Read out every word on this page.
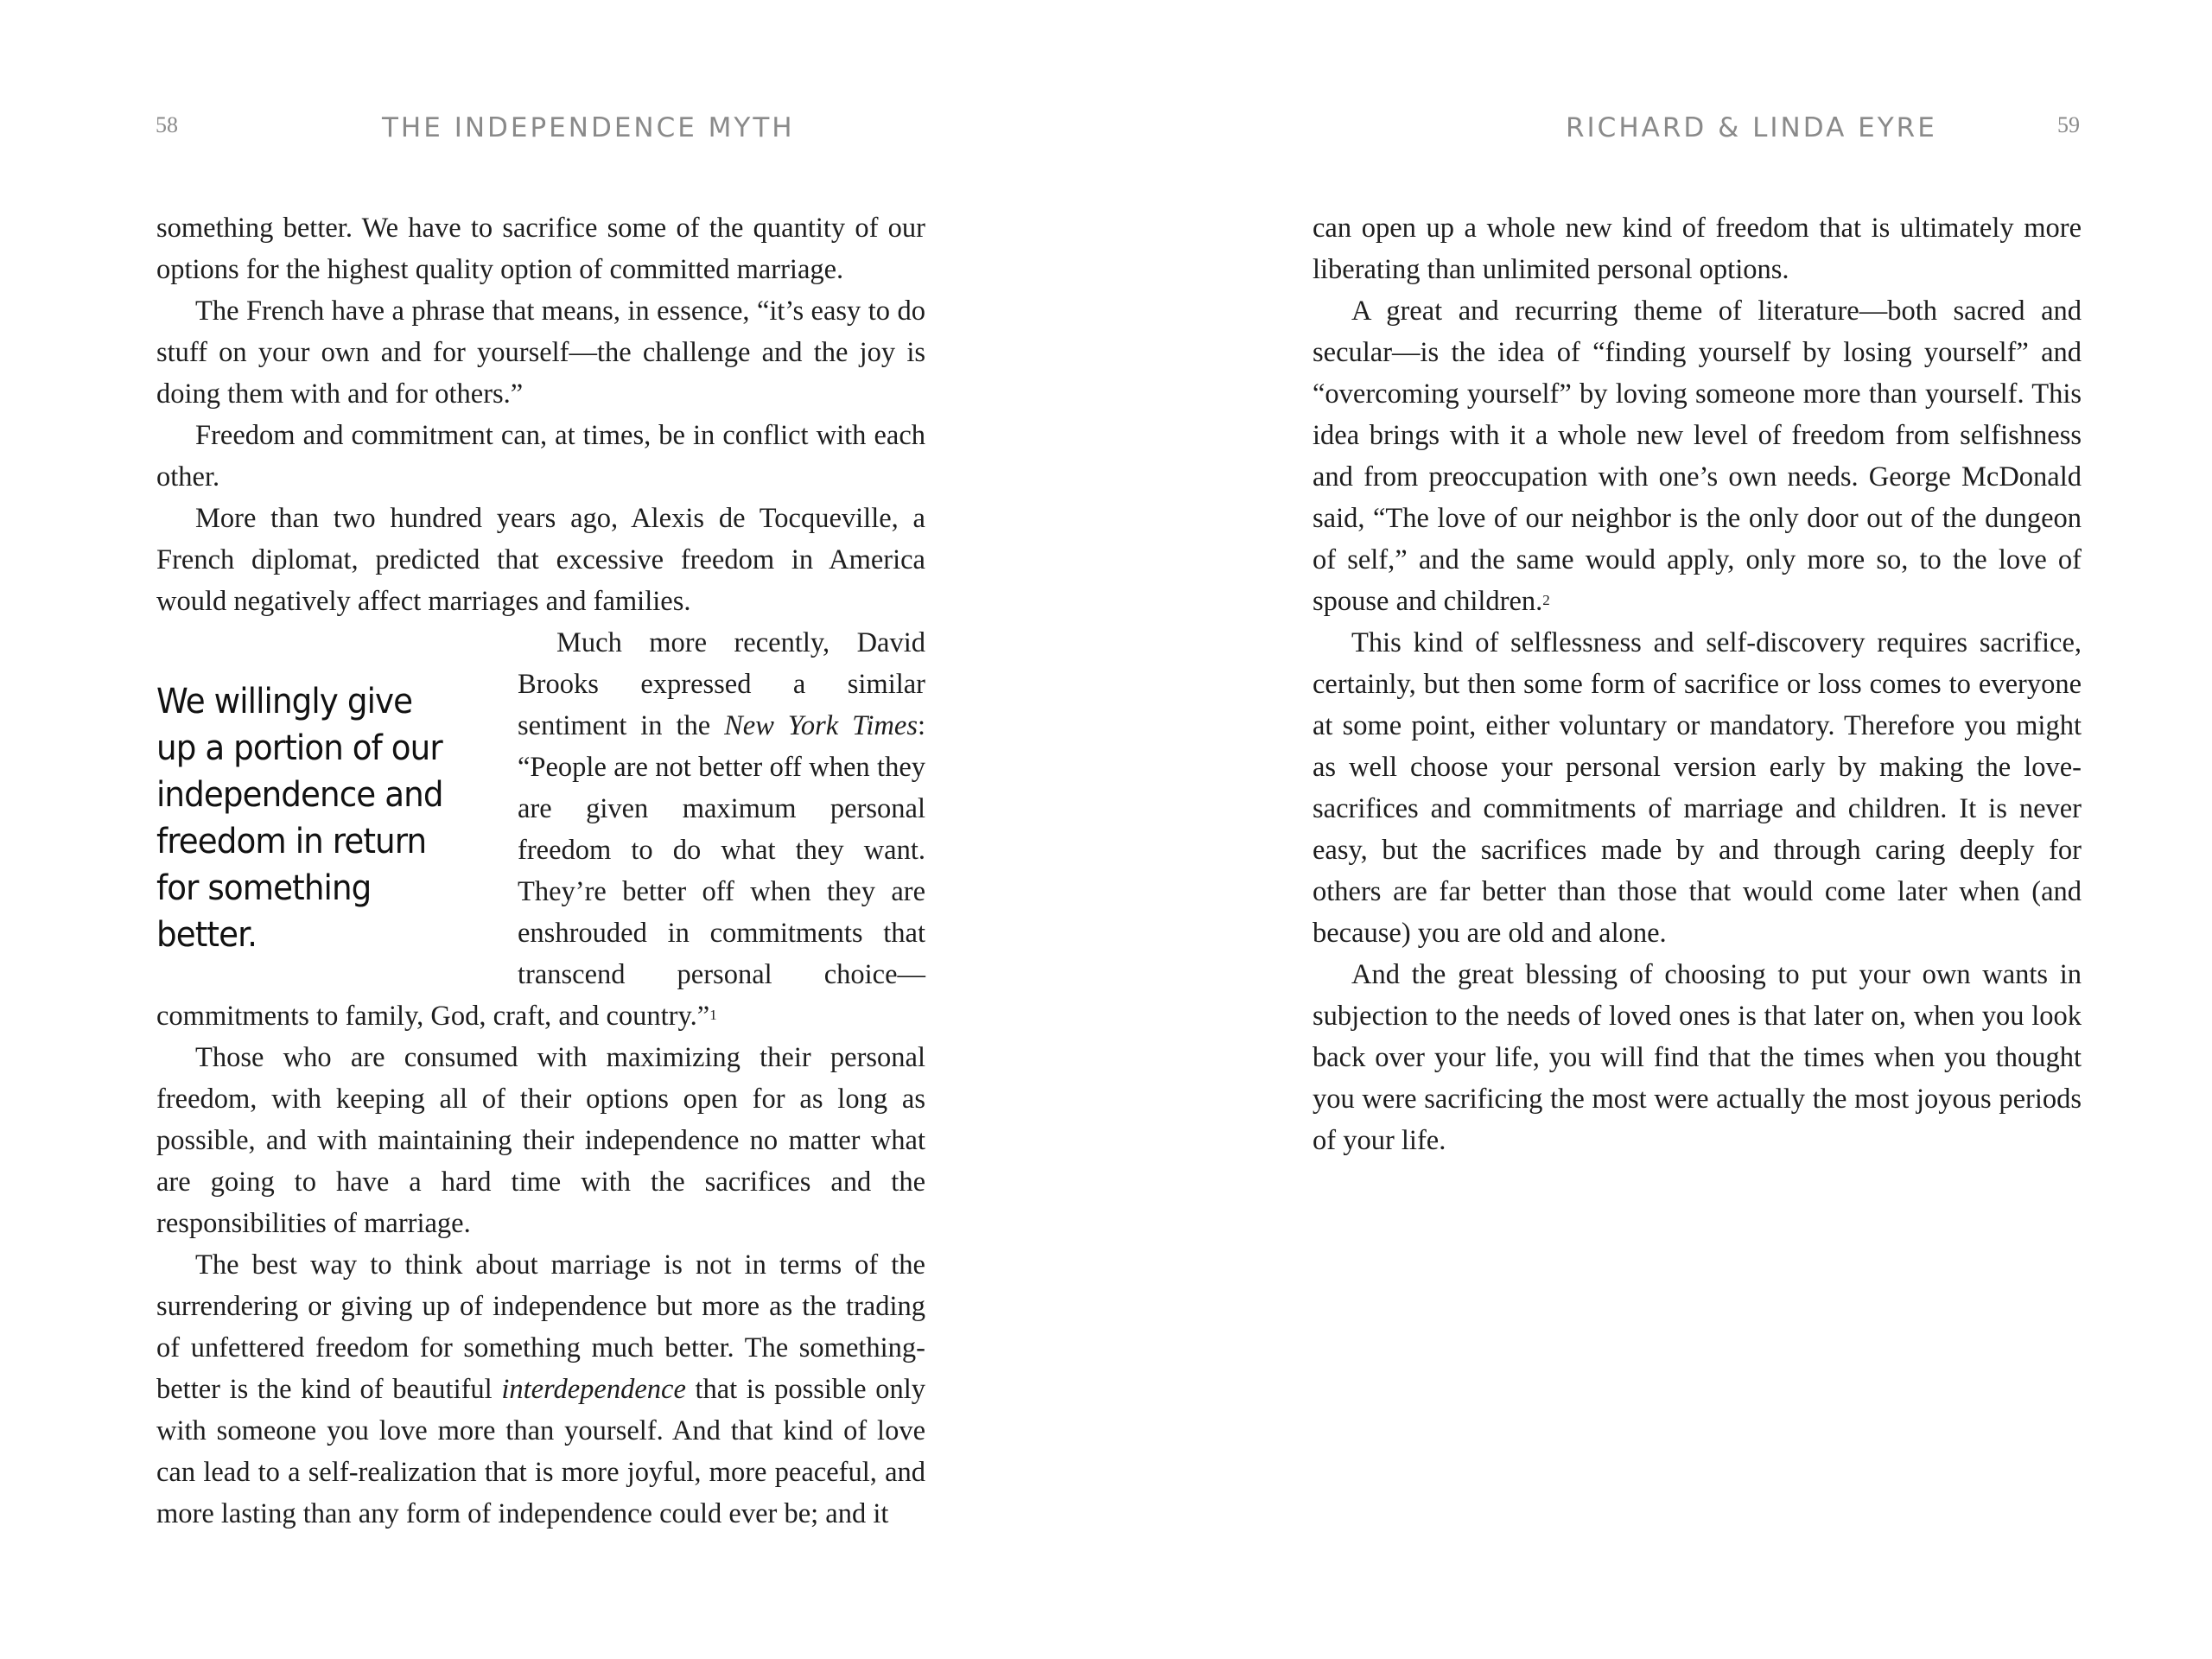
58	THE INDEPENDENCE MYTH

something better. We have to sacrifice some of the quantity of our options for the highest quality option of committed marriage.

The French have a phrase that means, in essence, “it’s easy to do stuff on your own and for yourself—the challenge and the joy is doing them with and for others.”

Freedom and commitment can, at times, be in conflict with each other.

More than two hundred years ago, Alexis de Tocqueville, a French diplomat, predicted that excessive freedom in America would negatively affect marriages and families.

We willingly give up a portion of our independence and freedom in return for something better.

Much more recently, David Brooks expressed a similar sentiment in the New York Times: “People are not better off when they are given maximum personal freedom to do what they want. They’re better off when they are enshrouded in commitments that transcend personal choice—commitments to family, God, craft, and country.”$^1$

Those who are consumed with maximizing their personal freedom, with keeping all of their options open for as long as possible, and with maintaining their independence no matter what are going to have a hard time with the sacrifices and the responsibilities of marriage.

The best way to think about marriage is not in terms of the surrendering or giving up of independence but more as the trading of unfettered freedom for something much better. The something-better is the kind of beautiful interdependence that is possible only with someone you love more than yourself. And that kind of love can lead to a self-realization that is more joyful, more peaceful, and more lasting than any form of independence could ever be; and it

RICHARD & LINDA EYRE	59

can open up a whole new kind of freedom that is ultimately more liberating than unlimited personal options.

A great and recurring theme of literature—both sacred and secular—is the idea of “finding yourself by losing yourself” and “overcoming yourself” by loving someone more than yourself. This idea brings with it a whole new level of freedom from selfishness and from preoccupation with one’s own needs. George McDonald said, “The love of our neighbor is the only door out of the dungeon of self,” and the same would apply, only more so, to the love of spouse and children.$^2$

This kind of selflessness and self-discovery requires sacrifice, certainly, but then some form of sacrifice or loss comes to everyone at some point, either voluntary or mandatory. Therefore you might as well choose your personal version early by making the love-sacrifices and commitments of marriage and children. It is never easy, but the sacrifices made by and through caring deeply for others are far better than those that would come later when (and because) you are old and alone.

And the great blessing of choosing to put your own wants in subjection to the needs of loved ones is that later on, when you look back over your life, you will find that the times when you thought you were sacrificing the most were actually the most joyous periods of your life.
